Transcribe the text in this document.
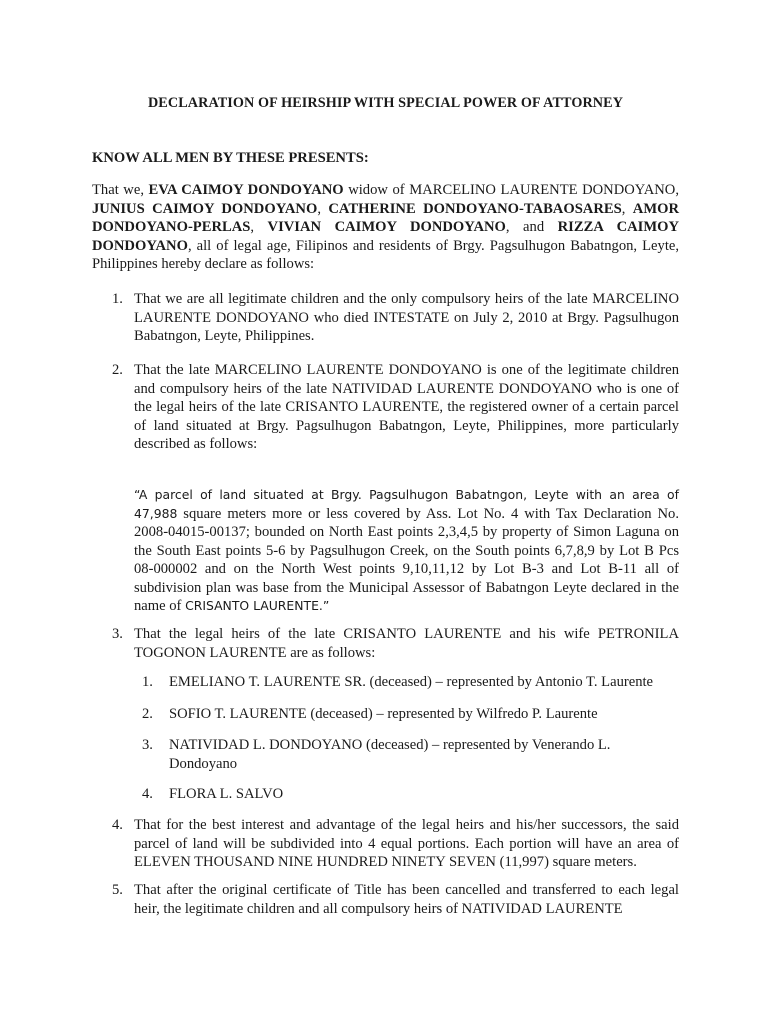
DECLARATION OF HEIRSHIP WITH SPECIAL POWER OF ATTORNEY
KNOW ALL MEN BY THESE PRESENTS:
That we, EVA CAIMOY DONDOYANO widow of MARCELINO LAURENTE DONDOYANO, JUNIUS CAIMOY DONDOYANO, CATHERINE DONDOYANO-TABAOSARES, AMOR DONDOYANO-PERLAS, VIVIAN CAIMOY DONDOYANO, and RIZZA CAIMOY DONDOYANO, all of legal age, Filipinos and residents of Brgy. Pagsulhugon Babatngon, Leyte, Philippines hereby declare as follows:
1. That we are all legitimate children and the only compulsory heirs of the late MARCELINO LAURENTE DONDOYANO who died INTESTATE on July 2, 2010 at Brgy. Pagsulhugon Babatngon, Leyte, Philippines.
2. That the late MARCELINO LAURENTE DONDOYANO is one of the legitimate children and compulsory heirs of the late NATIVIDAD LAURENTE DONDOYANO who is one of the legal heirs of the late CRISANTO LAURENTE, the registered owner of a certain parcel of land situated at Brgy. Pagsulhugon Babatngon, Leyte, Philippines, more particularly described as follows:
“A parcel of land situated at Brgy. Pagsulhugon Babatngon, Leyte with an area of 47,988 square meters more or less covered by Ass. Lot No. 4 with Tax Declaration No. 2008-04015-00137; bounded on North East points 2,3,4,5 by property of Simon Laguna on the South East points 5-6 by Pagsulhugon Creek, on the South points 6,7,8,9 by Lot B Pcs 08-000002 and on the North West points 9,10,11,12 by Lot B-3 and Lot B-11 all of subdivision plan was base from the Municipal Assessor of Babatngon Leyte declared in the name of CRISANTO LAURENTE.”
3. That the legal heirs of the late CRISANTO LAURENTE and his wife PETRONILA TOGONON LAURENTE are as follows:
1.	EMELIANO T. LAURENTE SR. (deceased) – represented by Antonio T. Laurente
2.	SOFIO T. LAURENTE (deceased) – represented by Wilfredo P. Laurente
3.	NATIVIDAD L. DONDOYANO (deceased) – represented by Venerando L. Dondoyano
4.	FLORA L. SALVO
4. That for the best interest and advantage of the legal heirs and his/her successors, the said parcel of land will be subdivided into 4 equal portions. Each portion will have an area of ELEVEN THOUSAND NINE HUNDRED NINETY SEVEN (11,997) square meters.
5. That after the original certificate of Title has been cancelled and transferred to each legal heir, the legitimate children and all compulsory heirs of NATIVIDAD LAURENTE
